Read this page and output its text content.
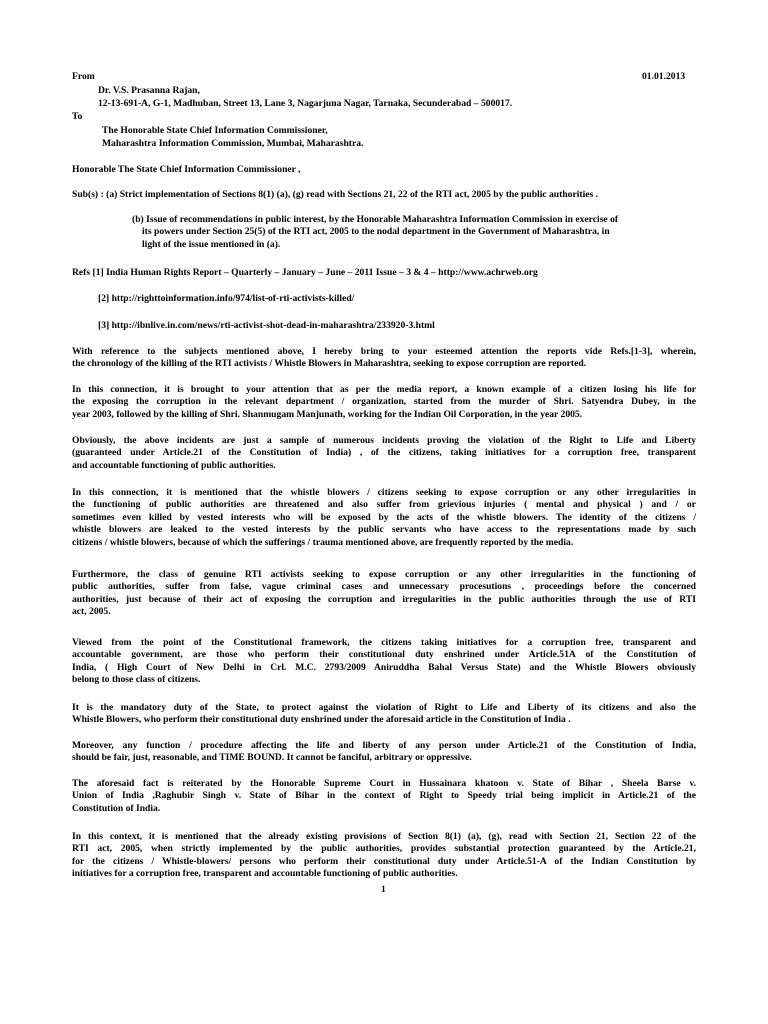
From	01.01.2013
Dr. V.S. Prasanna Rajan,
12-13-691-A, G-1, Madhuban, Street 13, Lane 3, Nagarjuna Nagar, Tarnaka, Secunderabad – 500017.
To
The Honorable State Chief Information Commissioner,
Maharashtra Information Commission, Mumbai, Maharashtra.
Honorable The State Chief Information Commissioner ,
Sub(s) : (a) Strict implementation of Sections 8(1) (a), (g) read with Sections 21, 22 of the RTI act, 2005 by the public authorities .
(b) Issue of recommendations in public interest, by the Honorable Maharashtra Information Commission in exercise of
its powers under Section 25(5) of the RTI act, 2005 to the nodal department in the Government of Maharashtra, in
light of the issue mentioned in (a).
Refs [1] India Human Rights Report – Quarterly – January – June – 2011 Issue – 3 & 4 – http://www.achrweb.org
[2] http://righttoinformation.info/974/list-of-rti-activists-killed/
[3] http://ibnlive.in.com/news/rti-activist-shot-dead-in-maharashtra/233920-3.html
With reference to the subjects mentioned above, I hereby bring to your esteemed attention the reports vide Refs.[1-3], wherein,
the chronology of the killing of the RTI activists / Whistle Blowers in Maharashtra, seeking to expose corruption are reported.
In this connection, it is brought to your attention that as per the media report, a known example of a citizen losing his life for
the exposing the corruption in the relevant department / organization, started from the murder of Shri. Satyendra Dubey, in the
year 2003, followed by the killing of Shri. Shanmugam Manjunath, working for the Indian Oil Corporation, in the year 2005.
Obviously, the above incidents are just a sample of numerous incidents proving the violation of the Right to Life and Liberty
(guaranteed under Article.21 of the Constitution of India) , of the citizens, taking initiatives for a corruption free, transparent
and accountable functioning of public authorities.
In this connection, it is mentioned that the whistle blowers / citizens seeking to expose corruption or any other irregularities in
the functioning of public authorities are threatened and also suffer from grievious injuries ( mental and physical ) and / or
sometimes even killed by vested interests who will be exposed by the acts of the whistle blowers. The identity of the citizens /
whistle blowers are leaked to the vested interests by the public servants who have access to the representations made by such
citizens / whistle blowers, because of which the sufferings / trauma mentioned above, are frequently reported by the media.
Furthermore, the class of genuine RTI activists seeking to expose corruption or any other irregularities in the functioning of
public authorities, suffer from false, vague criminal cases and unnecessary procesutions , proceedings before the concerned
authorities, just because of their act of exposing the corruption and irregularities in the public authorities through the use of RTI
act, 2005.
Viewed from the point of the Constitutional framework, the citizens taking initiatives for a corruption free, transparent and
accountable government, are those who perform their constitutional duty enshrined under Article.51A of the Constitution of
India, ( High Court of New Delhi in Crl. M.C. 2793/2009 Aniruddha Bahal Versus State) and the Whistle Blowers obviously
belong to those class of citizens.
It is the mandatory duty of the State, to protect against the violation of Right to Life and Liberty of its citizens and also the
Whistle Blowers, who perform their constitutional duty enshrined under the aforesaid article in the Constitution of India .
Moreover, any function / procedure affecting the life and liberty of any person under Article.21 of the Constitution of India,
should be fair, just, reasonable, and TIME BOUND. It cannot be fanciful, arbitrary or oppressive.
The aforesaid fact is reiterated by the Honorable Supreme Court in Hussainara khatoon v. State of Bihar , Sheela Barse v.
Union of India ,Raghubir Singh v. State of Bihar in the context of Right to Speedy trial being implicit in Article.21 of the
Constitution of India.
In this context, it is mentioned that the already existing provisions of Section 8(1) (a), (g), read with Section 21, Section 22 of the
RTI act, 2005, when strictly implemented by the public authorities, provides substantial protection guaranteed by the Article.21,
for the citizens / Whistle-blowers/ persons who perform their constitutional duty under Article.51-A of the Indian Constitution by
initiatives for a corruption free, transparent and accountable functioning of public authorities.
1
